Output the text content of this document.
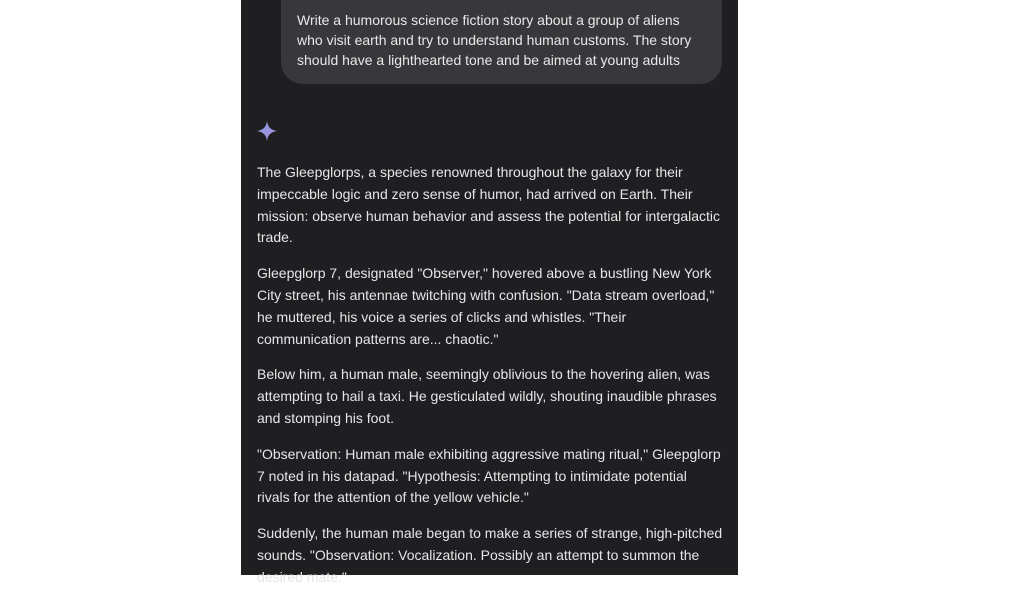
Write a humorous science fiction story about a group of aliens who visit earth and try to understand human customs. The story should have a lighthearted tone and be aimed at young adults

The Gleepglorps, a species renowned throughout the galaxy for their impeccable logic and zero sense of humor, had arrived on Earth. Their mission: observe human behavior and assess the potential for intergalactic trade.

Gleepglorp 7, designated "Observer," hovered above a bustling New York City street, his antennae twitching with confusion. "Data stream overload," he muttered, his voice a series of clicks and whistles. "Their communication patterns are... chaotic."

Below him, a human male, seemingly oblivious to the hovering alien, was attempting to hail a taxi. He gesticulated wildly, shouting inaudible phrases and stomping his foot.

"Observation: Human male exhibiting aggressive mating ritual," Gleepglorp 7 noted in his datapad. "Hypothesis: Attempting to intimidate potential rivals for the attention of the yellow vehicle."

Suddenly, the human male began to make a series of strange, high-pitched sounds. "Observation: Vocalization. Possibly an attempt to summon the desired mate."
